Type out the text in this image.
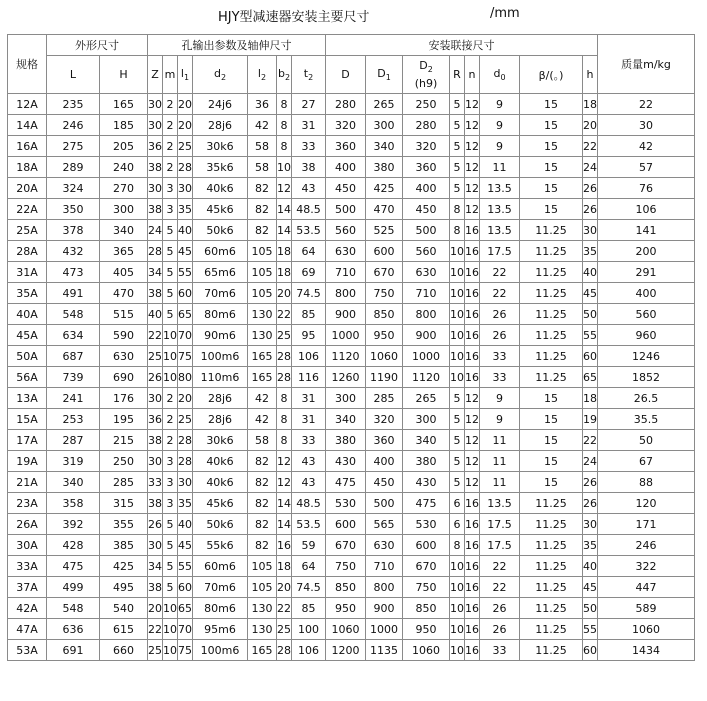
HJY型减速器安装主要尺寸	/mm
规格	外形尺寸		孔输出参数及轴伸尺寸							安装联接尺寸								质量m/kg
	L	H	Z	m	$l_1$	$d_2$	$l_2$	$b_2$	$t_2$	D	$D_1$	$D_2$
(h9)	R	n	$d_0$	β/(。)	h	
12A	235	165	30	2	20	24j6	36	8	27	280	265	250	5	12	9	15	18	22
14A	246	185	30	2	20	28j6	42	8	31	320	300	280	5	12	9	15	20	30
16A	275	205	36	2	25	30k6	58	8	33	360	340	320	5	12	9	15	22	42
18A	289	240	38	2	28	35k6	58	10	38	400	380	360	5	12	11	15	24	57
20A	324	270	30	3	30	40k6	82	12	43	450	425	400	5	12	13.5	15	26	76
22A	350	300	38	3	35	45k6	82	14	48.5	500	470	450	8	12	13.5	15	26	106
25A	378	340	24	5	40	50k6	82	14	53.5	560	525	500	8	16	13.5	11.25	30	141
28A	432	365	28	5	45	60m6	105	18	64	630	600	560	10	16	17.5	11.25	35	200
31A	473	405	34	5	55	65m6	105	18	69	710	670	630	10	16	22	11.25	40	291
35A	491	470	38	5	60	70m6	105	20	74.5	800	750	710	10	16	22	11.25	45	400
40A	548	515	40	5	65	80m6	130	22	85	900	850	800	10	16	26	11.25	50	560
45A	634	590	22	10	70	90m6	130	25	95	1000	950	900	10	16	26	11.25	55	960
50A	687	630	25	10	75	100m6	165	28	106	1120	1060	1000	10	16	33	11.25	60	1246
56A	739	690	26	10	80	110m6	165	28	116	1260	1190	1120	10	16	33	11.25	65	1852
13A	241	176	30	2	20	28j6	42	8	31	300	285	265	5	12	9	15	18	26.5
15A	253	195	36	2	25	28j6	42	8	31	340	320	300	5	12	9	15	19	35.5
17A	287	215	38	2	28	30k6	58	8	33	380	360	340	5	12	11	15	22	50
19A	319	250	30	3	28	40k6	82	12	43	430	400	380	5	12	11	15	24	67
21A	340	285	33	3	30	40k6	82	12	43	475	450	430	5	12	11	15	26	88
23A	358	315	38	3	35	45k6	82	14	48.5	530	500	475	6	16	13.5	11.25	26	120
26A	392	355	26	5	40	50k6	82	14	53.5	600	565	530	6	16	17.5	11.25	30	171
30A	428	385	30	5	45	55k6	82	16	59	670	630	600	8	16	17.5	11.25	35	246
33A	475	425	34	5	55	60m6	105	18	64	750	710	670	10	16	22	11.25	40	322
37A	499	495	38	5	60	70m6	105	20	74.5	850	800	750	10	16	22	11.25	45	447
42A	548	540	20	10	65	80m6	130	22	85	950	900	850	10	16	26	11.25	50	589
47A	636	615	22	10	70	95m6	130	25	100	1060	1000	950	10	16	26	11.25	55	1060
53A	691	660	25	10	75	100m6	165	28	106	1200	1135	1060	10	16	33	11.25	60	1434
